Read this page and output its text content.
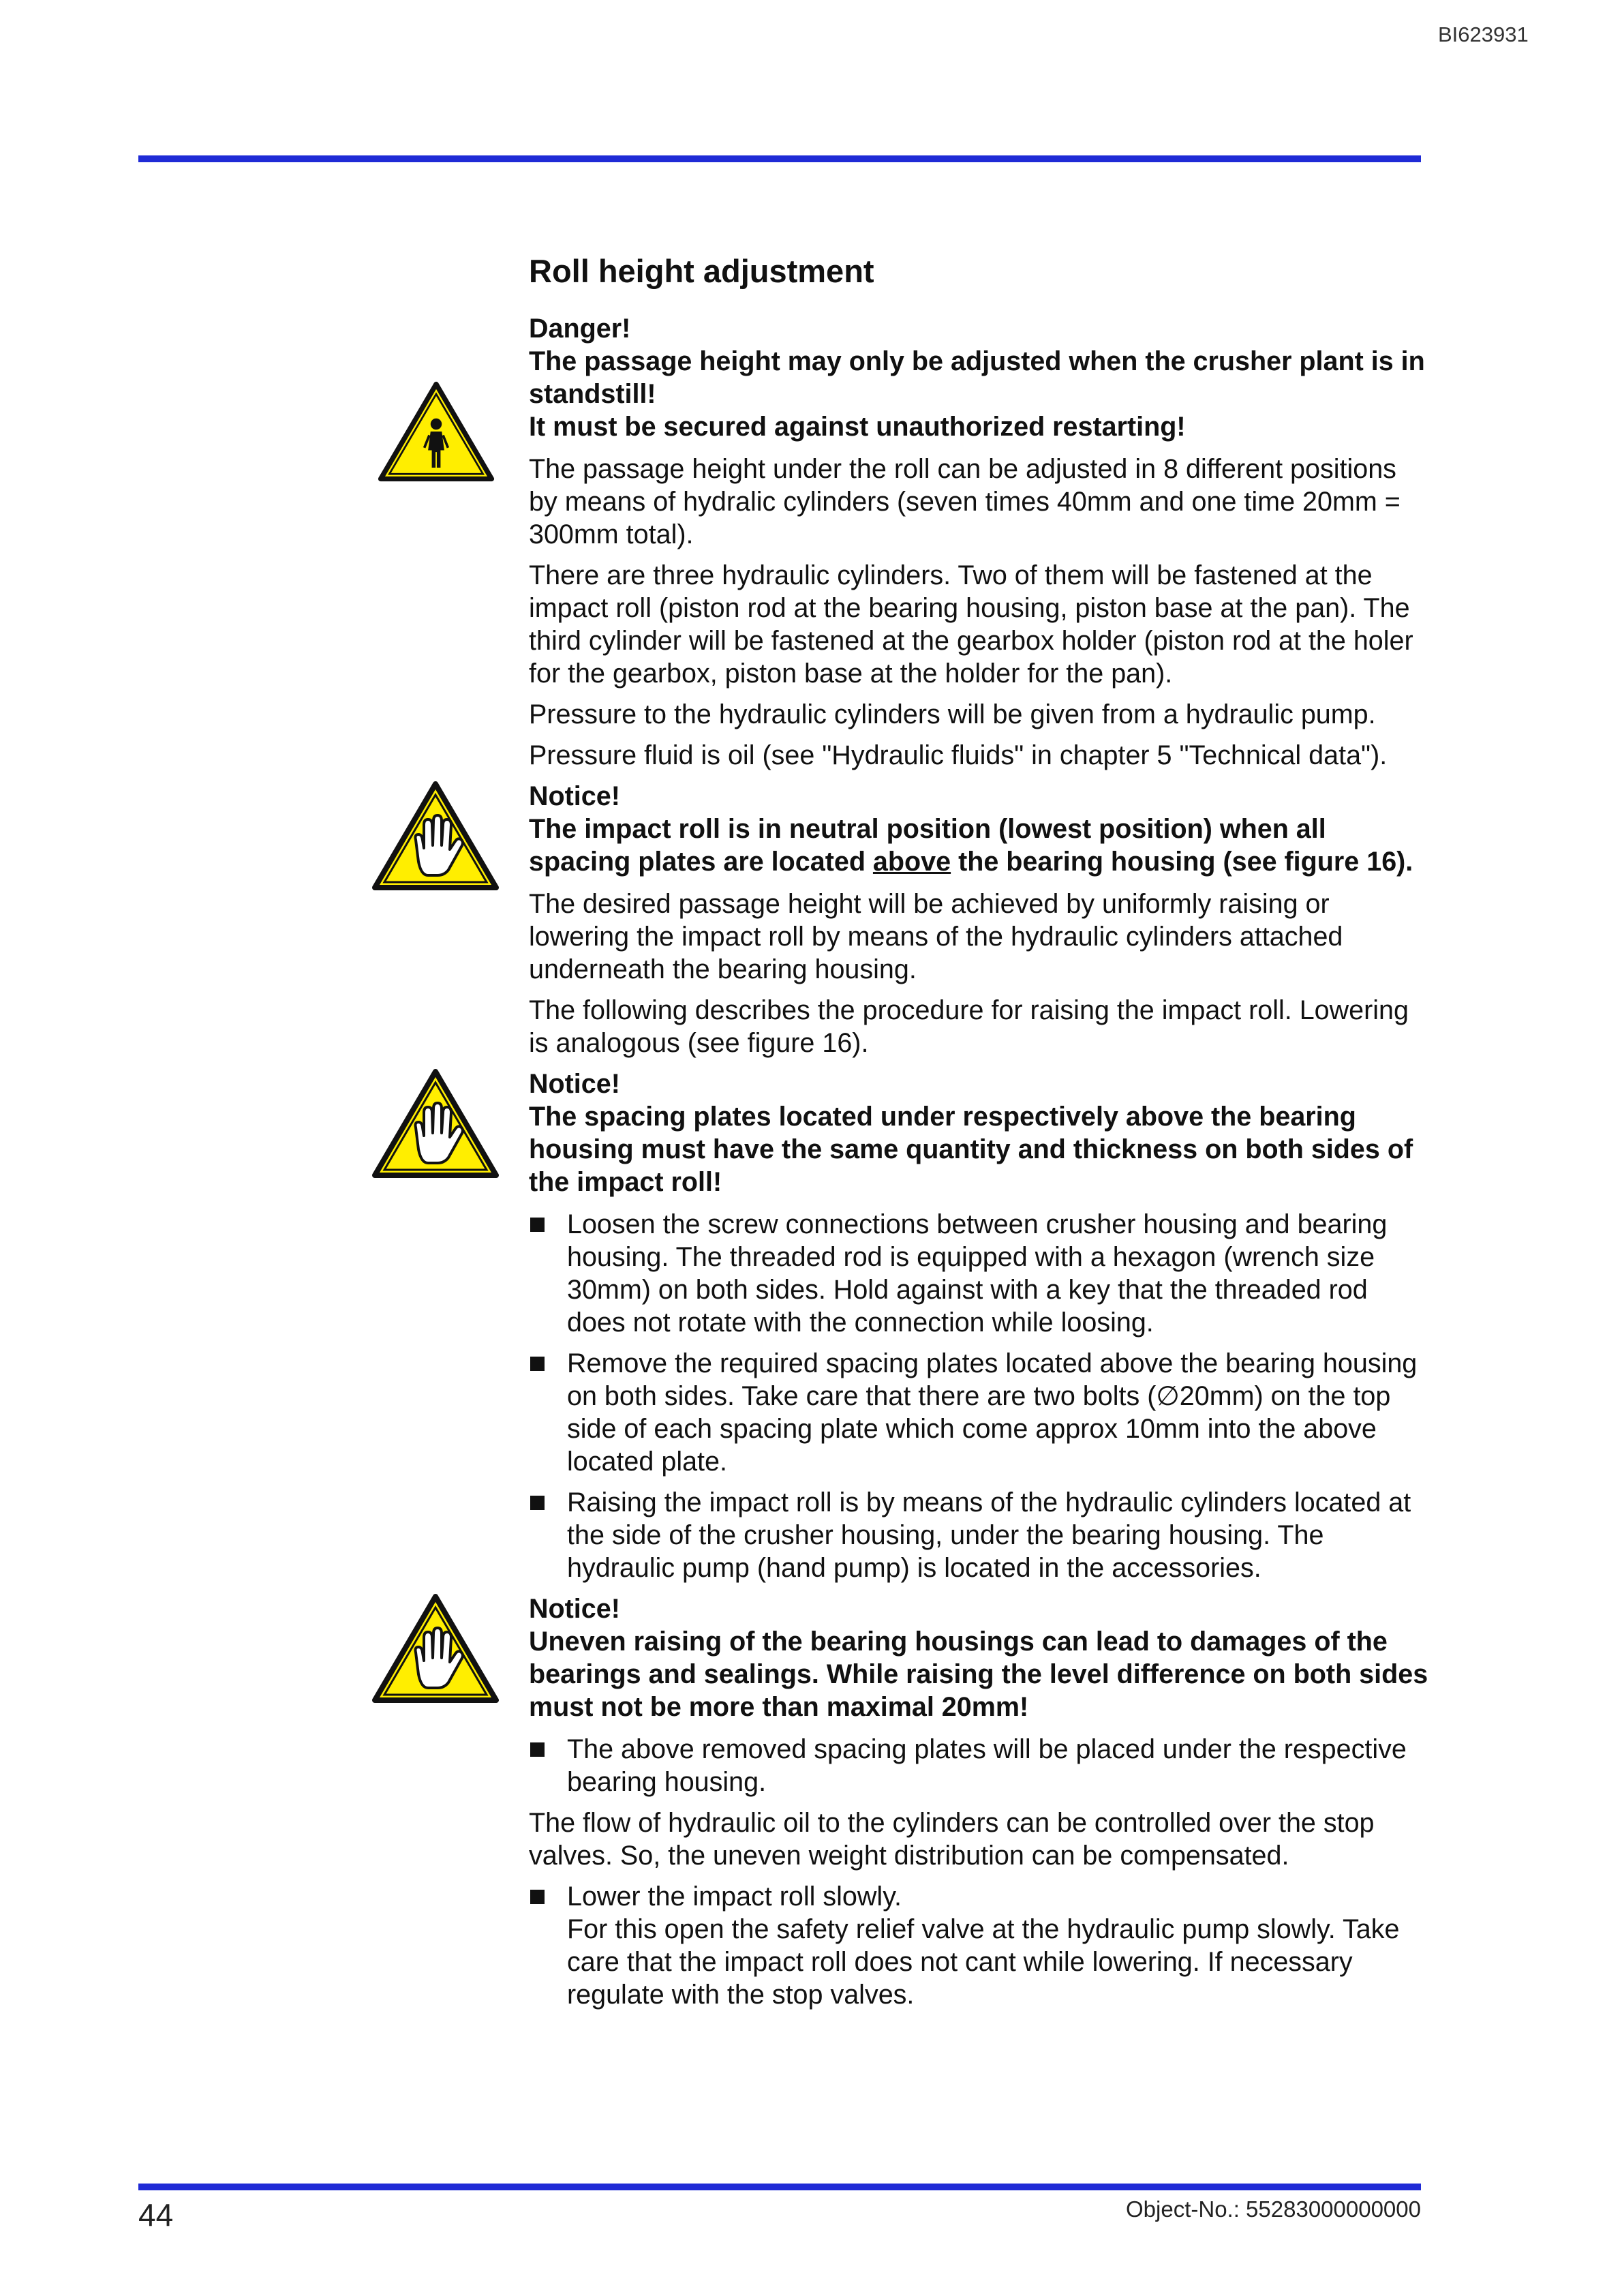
BI623931
Roll height adjustment
Danger!
The passage height may only be adjusted when the crusher plant is in standstill!
It must be secured against unauthorized restarting!

The passage height under the roll can be adjusted in 8 different positions by means of hydralic cylinders (seven times 40mm and one time 20mm = 300mm total).

There are three hydraulic cylinders. Two of them will be fastened at the impact roll (piston rod at the bearing housing, piston base at the pan). The third cylinder will be fastened at the gearbox holder (piston rod at the holer for the gearbox, piston base at the holder for the pan).

Pressure to the hydraulic cylinders will be given from a hydraulic pump.

Pressure fluid is oil (see "Hydraulic fluids" in chapter 5 "Technical data").

Notice!
The impact roll is in neutral position (lowest position) when all spacing plates are located above the bearing housing (see figure 16).

The desired passage height will be achieved by uniformly raising or lowering the impact roll by means of the hydraulic cylinders attached underneath the bearing housing.

The following describes the procedure for raising the impact roll. Lowering is analogous (see figure 16).

Notice!
The spacing plates located under respectively above the bearing housing must have the same quantity and thickness on both sides of the impact roll!
Loosen the screw connections between crusher housing and bearing housing. The threaded rod is equipped with a hexagon (wrench size 30mm) on both sides. Hold against with a key that the threaded rod does not rotate with the connection while loosing.
Remove the required spacing plates located above the bearing housing on both sides. Take care that there are two bolts (∅20mm) on the top side of each spacing plate which come approx 10mm into the above located plate.
Raising the impact roll is by means of the hydraulic cylinders located at the side of the crusher housing, under the bearing housing. The hydraulic pump (hand pump) is located in the accessories.
Notice!
Uneven raising of the bearing housings can lead to damages of the bearings and sealings. While raising the level difference on both sides must not be more than maximal 20mm!
The above removed spacing plates will be placed under the respective bearing housing.

The flow of hydraulic oil to the cylinders can be controlled over the stop valves. So, the uneven weight distribution can be compensated.

Lower the impact roll slowly.
For this open the safety relief valve at the hydraulic pump slowly. Take care that the impact roll does not cant while lowering. If necessary regulate with the stop valves.
44	Object-No.: 55283000000000
